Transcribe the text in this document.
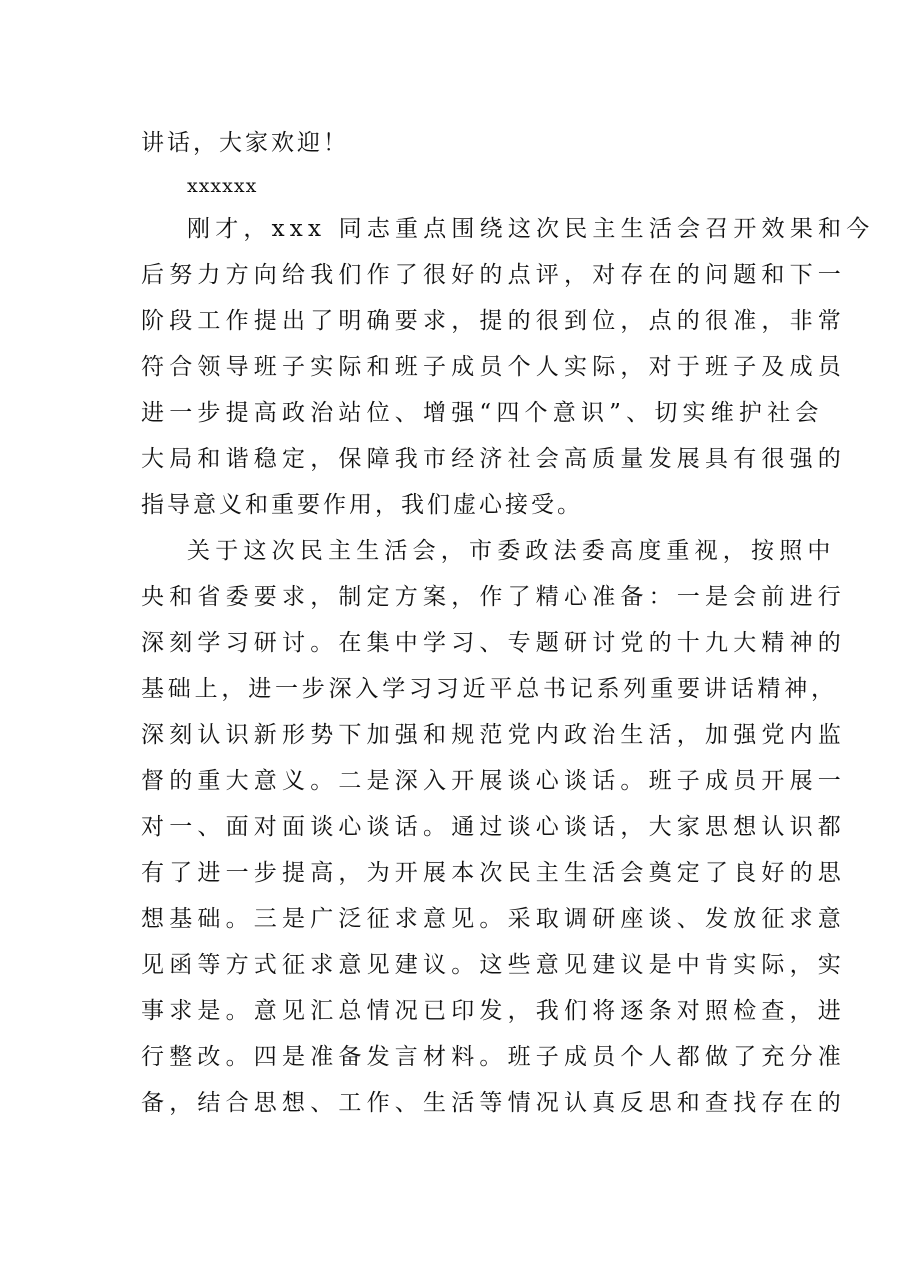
讲话，大家欢迎！
xxxxxx
刚才，xxx 同志重点围绕这次民主生活会召开效果和今
后努力方向给我们作了很好的点评，对存在的问题和下一
阶段工作提出了明确要求，提的很到位，点的很准，非常
符合领导班子实际和班子成员个人实际，对于班子及成员
进一步提高政治站位、增强“四个意识”、切实维护社会
大局和谐稳定，保障我市经济社会高质量发展具有很强的
指导意义和重要作用，我们虚心接受。
关于这次民主生活会，市委政法委高度重视，按照中
央和省委要求，制定方案，作了精心准备：一是会前进行
深刻学习研讨。在集中学习、专题研讨党的十九大精神的
基础上，进一步深入学习习近平总书记系列重要讲话精神，
深刻认识新形势下加强和规范党内政治生活，加强党内监
督的重大意义。二是深入开展谈心谈话。班子成员开展一
对一、面对面谈心谈话。通过谈心谈话，大家思想认识都
有了进一步提高，为开展本次民主生活会奠定了良好的思
想基础。三是广泛征求意见。采取调研座谈、发放征求意
见函等方式征求意见建议。这些意见建议是中肯实际，实
事求是。意见汇总情况已印发，我们将逐条对照检查，进
行整改。四是准备发言材料。班子成员个人都做了充分准
备，结合思想、工作、生活等情况认真反思和查找存在的
